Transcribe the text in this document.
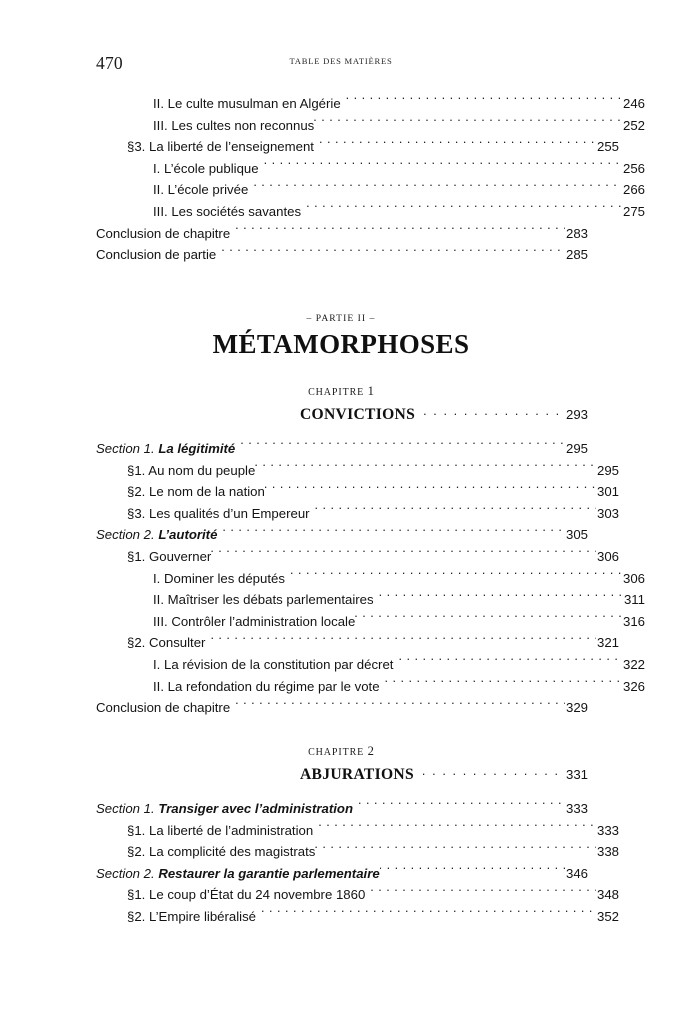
470	TABLE DES MATIÈRES
II. Le culte musulman en Algérie . . .	246
III. Les cultes non reconnus . . .	252
§3. La liberté de l’enseignement . . .	255
I. L’école publique . . .	256
II. L’école privée . . .	266
III. Les sociétés savantes . . .	275
Conclusion de chapitre . . .	283
Conclusion de partie . . .	285
– PARTIE II –
MÉTAMORPHOSES
CHAPITRE 1
CONVICTIONS . . .	293
Section 1. La légitimité . . .	295
§1. Au nom du peuple . . .	295
§2. Le nom de la nation . . .	301
§3. Les qualités d’un Empereur . . .	303
Section 2. L’autorité . . .	305
§1. Gouverner . . .	306
I. Dominer les députés . . .	306
II. Maîtriser les débats parlementaires . . .	311
III. Contrôler l’administration locale . . .	316
§2. Consulter . . .	321
I. La révision de la constitution par décret . . .	322
II. La refondation du régime par le vote . . .	326
Conclusion de chapitre . . .	329
CHAPITRE 2
ABJURATIONS . . .	331
Section 1. Transiger avec l’administration . . .	333
§1. La liberté de l’administration . . .	333
§2. La complicité des magistrats . . .	338
Section 2. Restaurer la garantie parlementaire . . .	346
§1. Le coup d’État du 24 novembre 1860 . . .	348
§2. L’Empire libéralisé . . .	352
